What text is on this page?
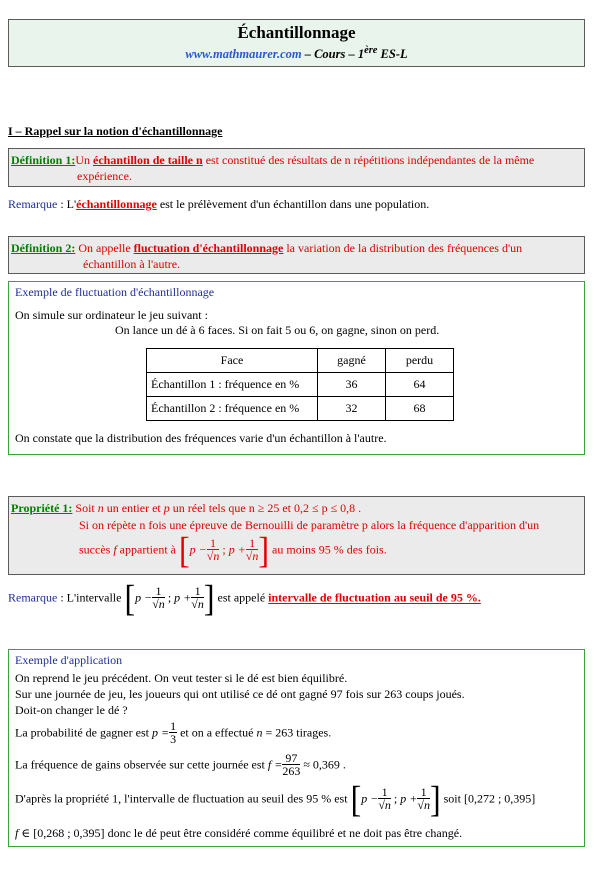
Échantillonnage
www.mathmaurer.com – Cours – 1ère ES-L
I – Rappel sur la notion d'échantillonnage
Définition 1:Un échantillon de taille n est constitué des résultats de n répétitions indépendantes de la même
expérience.
Remarque : L'échantillonnage est le prélèvement d'un échantillon dans une population.
Définition 2: On appelle fluctuation d'échantillonnage la variation de la distribution des fréquences d'un
échantillon à l'autre.
Exemple de fluctuation d'échantillonnage
On simule sur ordinateur le jeu suivant :
On lance un dé à 6 faces. Si on fait 5 ou 6, on gagne, sinon on perd.
Face	gagné	perdu
Échantillon 1 : fréquence en %	36	64
Échantillon 2 : fréquence en %	32	68
On constate que la distribution des fréquences varie d'un échantillon à l'autre.
Propriété 1: Soit n un entier et p un réel tels que n ≥ 25 et 0,2 ≤ p ≤ 0,8 .
Si on répète n fois une épreuve de Bernouilli de paramètre p alors la fréquence d'apparition d'un
succès f appartient à [$p - \frac{1}{√n}$ ; $p + \frac{1}{√n}$ ] au moins 95 % des fois.
Remarque : L'intervalle [$p - \frac{1}{√n}$ ; $p + \frac{1}{√n}$ ] est appelé intervalle de fluctuation au seuil de 95 %.
Exemple d'application
On reprend le jeu précédent. On veut tester si le dé est bien équilibré.
Sur une journée de jeu, les joueurs qui ont utilisé ce dé ont gagné 97 fois sur 263 coups joués.
Doit-on changer le dé ?
La probabilité de gagner est $p = \frac{1}{3}$ et on a effectué n = 263 tirages.
La fréquence de gains observée sur cette journée est $f = \frac{97}{263} \approx 0,369$ .
D'après la propriété 1, l'intervalle de fluctuation au seuil des 95 % est [$p - \frac{1}{√n}$ ; $p + \frac{1}{√n}$ ] soit [0,272 ; 0,395]
f ∈ [0,268 ; 0,395] donc le dé peut être considéré comme équilibré et ne doit pas être changé.
